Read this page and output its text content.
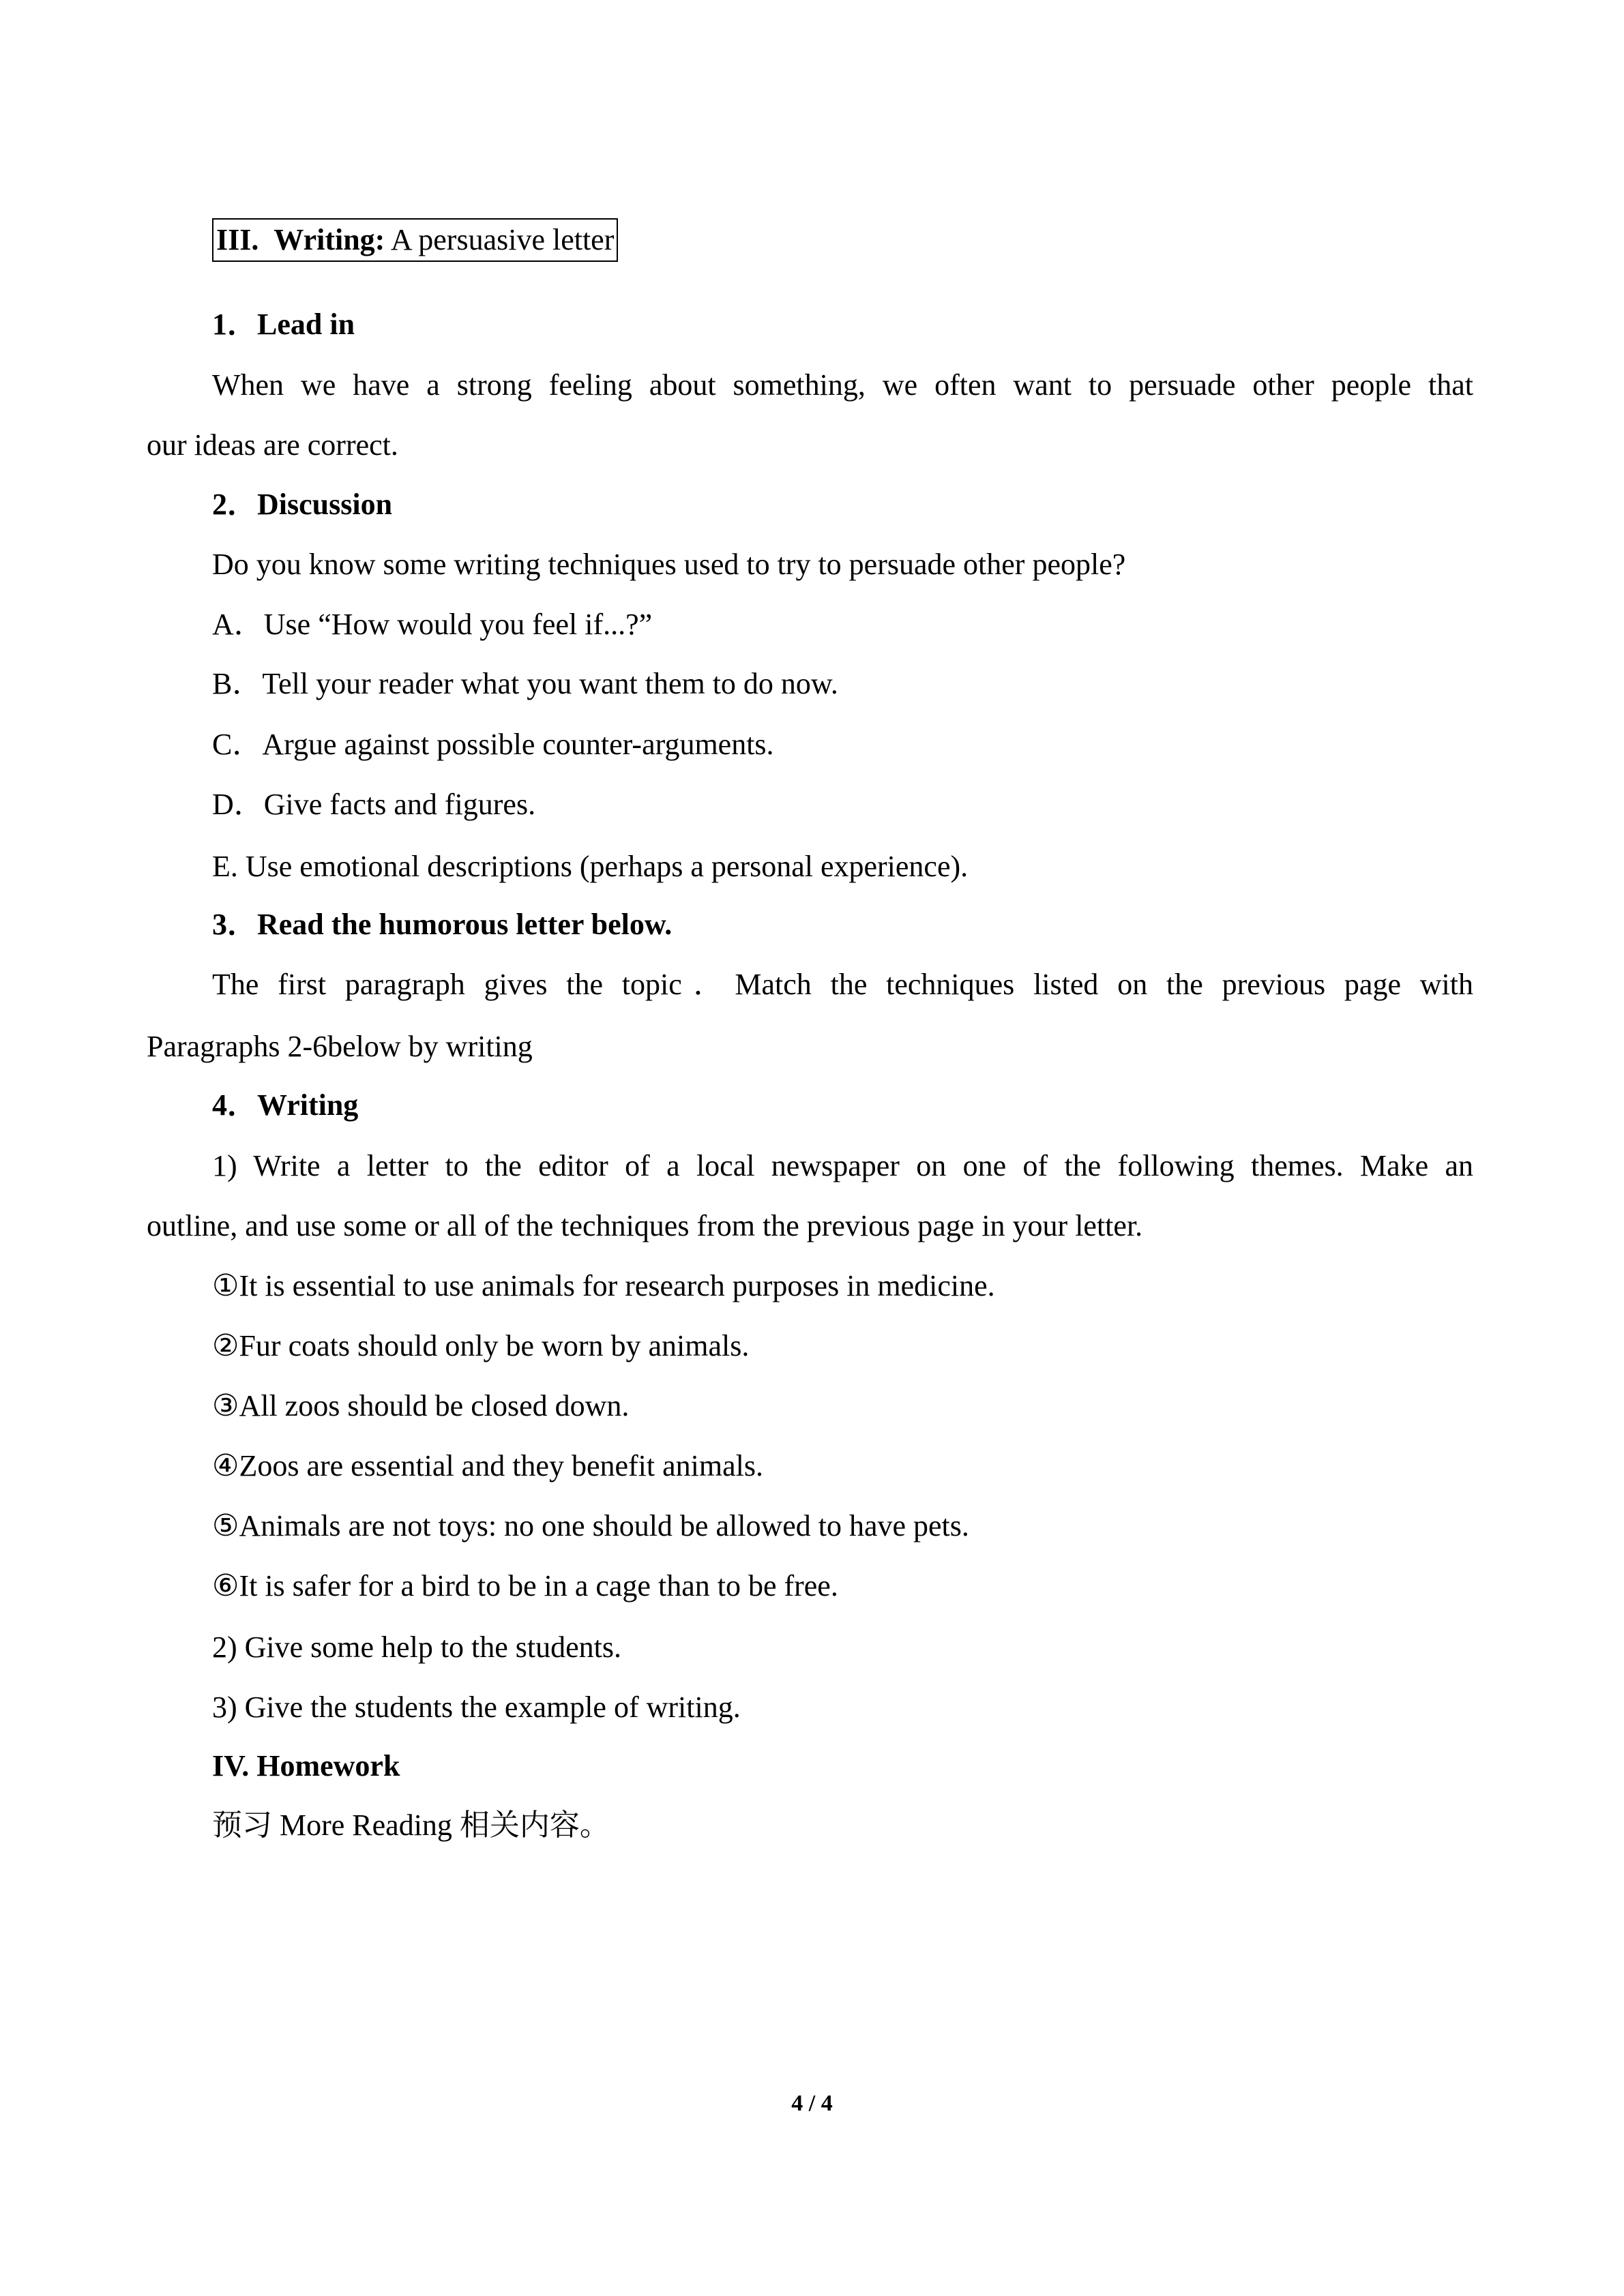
III. Writing: A persuasive letter
1．Lead in
When we have a strong feeling about something, we often want to persuade other people that
our ideas are correct.
2．Discussion
Do you know some writing techniques used to try to persuade other people?
A．Use “How would you feel if...?”
B．Tell your reader what you want them to do now.
C．Argue against possible counter-arguments.
D．Give facts and figures.
E. Use emotional descriptions (perhaps a personal experience).
3．Read the humorous letter below.
The first paragraph gives the topic．Match the techniques listed on the previous page with
Paragraphs 2-6below by writing
4．Writing
1) Write a letter to the editor of a local newspaper on one of the following themes. Make an
outline, and use some or all of the techniques from the previous page in your letter.
①It is essential to use animals for research purposes in medicine.
②Fur coats should only be worn by animals.
③All zoos should be closed down.
④Zoos are essential and they benefit animals.
⑤Animals are not toys: no one should be allowed to have pets.
⑥It is safer for a bird to be in a cage than to be free.
2) Give some help to the students.
3) Give the students the example of writing.
IV. Homework
预习 More Reading 相关内容。
4 / 4
